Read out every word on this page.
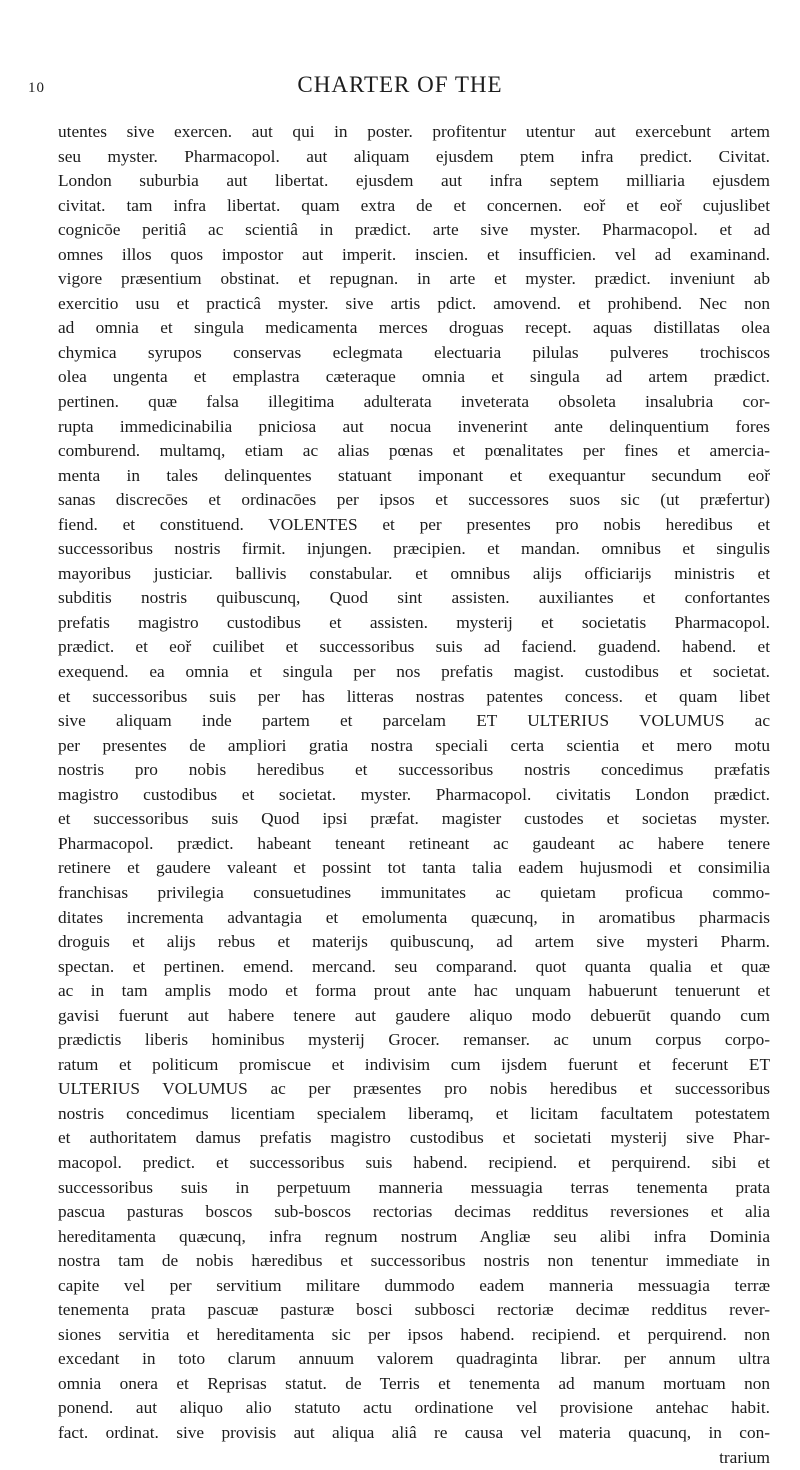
10	CHARTER OF THE
utentes sive exercen. aut qui in poster. profitentur utentur aut exercebunt artem
seu myster. Pharmacopol. aut aliquam ejusdem ptem infra predict. Civitat.
London suburbia aut libertat. ejusdem aut infra septem milliaria ejusdem
civitat. tam infra libertat. quam extra de et concernen. eoř et eoř cujuslibet
cognicōe peritiâ ac scientiâ in prædict. arte sive myster. Pharmacopol. et ad
omnes illos quos impostor aut imperit. inscien. et insufficien. vel ad examinand.
vigore præsentium obstinat. et repugnan. in arte et myster. prædict. inveniunt ab
exercitio usu et practicâ myster. sive artis pdict. amovend. et prohibend. Nec non
ad omnia et singula medicamenta merces droguas recept. aquas distillatas olea
chymica syrupos conservas eclegmata electuaria pilulas pulveres trochiscos
olea ungenta et emplastra cæteraque omnia et singula ad artem prædict.
pertinen. quæ falsa illegitima adulterata inveterata obsoleta insalubria cor-
rupta immedicinabilia pniciosa aut nocua invenerint ante delinquentium fores
comburend. multamq, etiam ac alias pœnas et pœnalitates per fines et amercia-
menta in tales delinquentes statuant imponant et exequantur secundum eoř
sanas discrecōes et ordinacōes per ipsos et successores suos sic (ut præfertur)
fiend. et constituend. VOLENTES et per presentes pro nobis heredibus et
successoribus nostris firmit. injungen. præcipien. et mandan. omnibus et singulis
mayoribus justiciar. ballivis constabular. et omnibus alijs officiarijs ministris et
subditis nostris quibuscunq, Quod sint assisten. auxiliantes et confortantes
prefatis magistro custodibus et assisten. mysterij et societatis Pharmacopol.
prædict. et eoř cuilibet et successoribus suis ad faciend. guadend. habend. et
exequend. ea omnia et singula per nos prefatis magist. custodibus et societat.
et successoribus suis per has litteras nostras patentes concess. et quam libet
sive aliquam inde partem et parcelam ET ULTERIUS VOLUMUS ac
per presentes de ampliori gratia nostra speciali certa scientia et mero motu
nostris pro nobis heredibus et successoribus nostris concedimus præfatis
magistro custodibus et societat. myster. Pharmacopol. civitatis London prædict.
et successoribus suis Quod ipsi præfat. magister custodes et societas myster.
Pharmacopol. prædict. habeant teneant retineant ac gaudeant ac habere tenere
retinere et gaudere valeant et possint tot tanta talia eadem hujusmodi et consimilia
franchisas privilegia consuetudines immunitates ac quietam proficua commo-
ditates incrementa advantagia et emolumenta quæcunq, in aromatibus pharmacis
droguis et alijs rebus et materijs quibuscunq, ad artem sive mysteri Pharm.
spectan. et pertinen. emend. mercand. seu comparand. quot quanta qualia et quæ
ac in tam amplis modo et forma prout ante hac unquam habuerunt tenuerunt et
gavisi fuerunt aut habere tenere aut gaudere aliquo modo debuerūt quando cum
prædictis liberis hominibus mysterij Grocer. remanser. ac unum corpus corpo-
ratum et politicum promiscue et indivisim cum ijsdem fuerunt et fecerunt ET
ULTERIUS VOLUMUS ac per præsentes pro nobis heredibus et successoribus
nostris concedimus licentiam specialem liberamq, et licitam facultatem potestatem
et authoritatem damus prefatis magistro custodibus et societati mysterij sive Phar-
macopol. predict. et successoribus suis habend. recipiend. et perquirend. sibi et
successoribus suis in perpetuum manneria messuagia terras tenementa prata
pascua pasturas boscos sub-boscos rectorias decimas redditus reversiones et alia
hereditamenta quæcunq, infra regnum nostrum Angliæ seu alibi infra Dominia
nostra tam de nobis hæredibus et successoribus nostris non tenentur immediate in
capite vel per servitium militare dummodo eadem manneria messuagia terræ
tenementa prata pascuæ pasturæ bosci subbosci rectoriæ decimæ redditus rever-
siones servitia et hereditamenta sic per ipsos habend. recipiend. et perquirend. non
excedant in toto clarum annuum valorem quadraginta librar. per annum ultra
omnia onera et Reprisas statut. de Terris et tenementa ad manum mortuam non
ponend. aut aliquo alio statuto actu ordinatione vel provisione antehac habit.
fact. ordinat. sive provisis aut aliqua aliâ re causa vel materia quacunq, in con-
trarium
